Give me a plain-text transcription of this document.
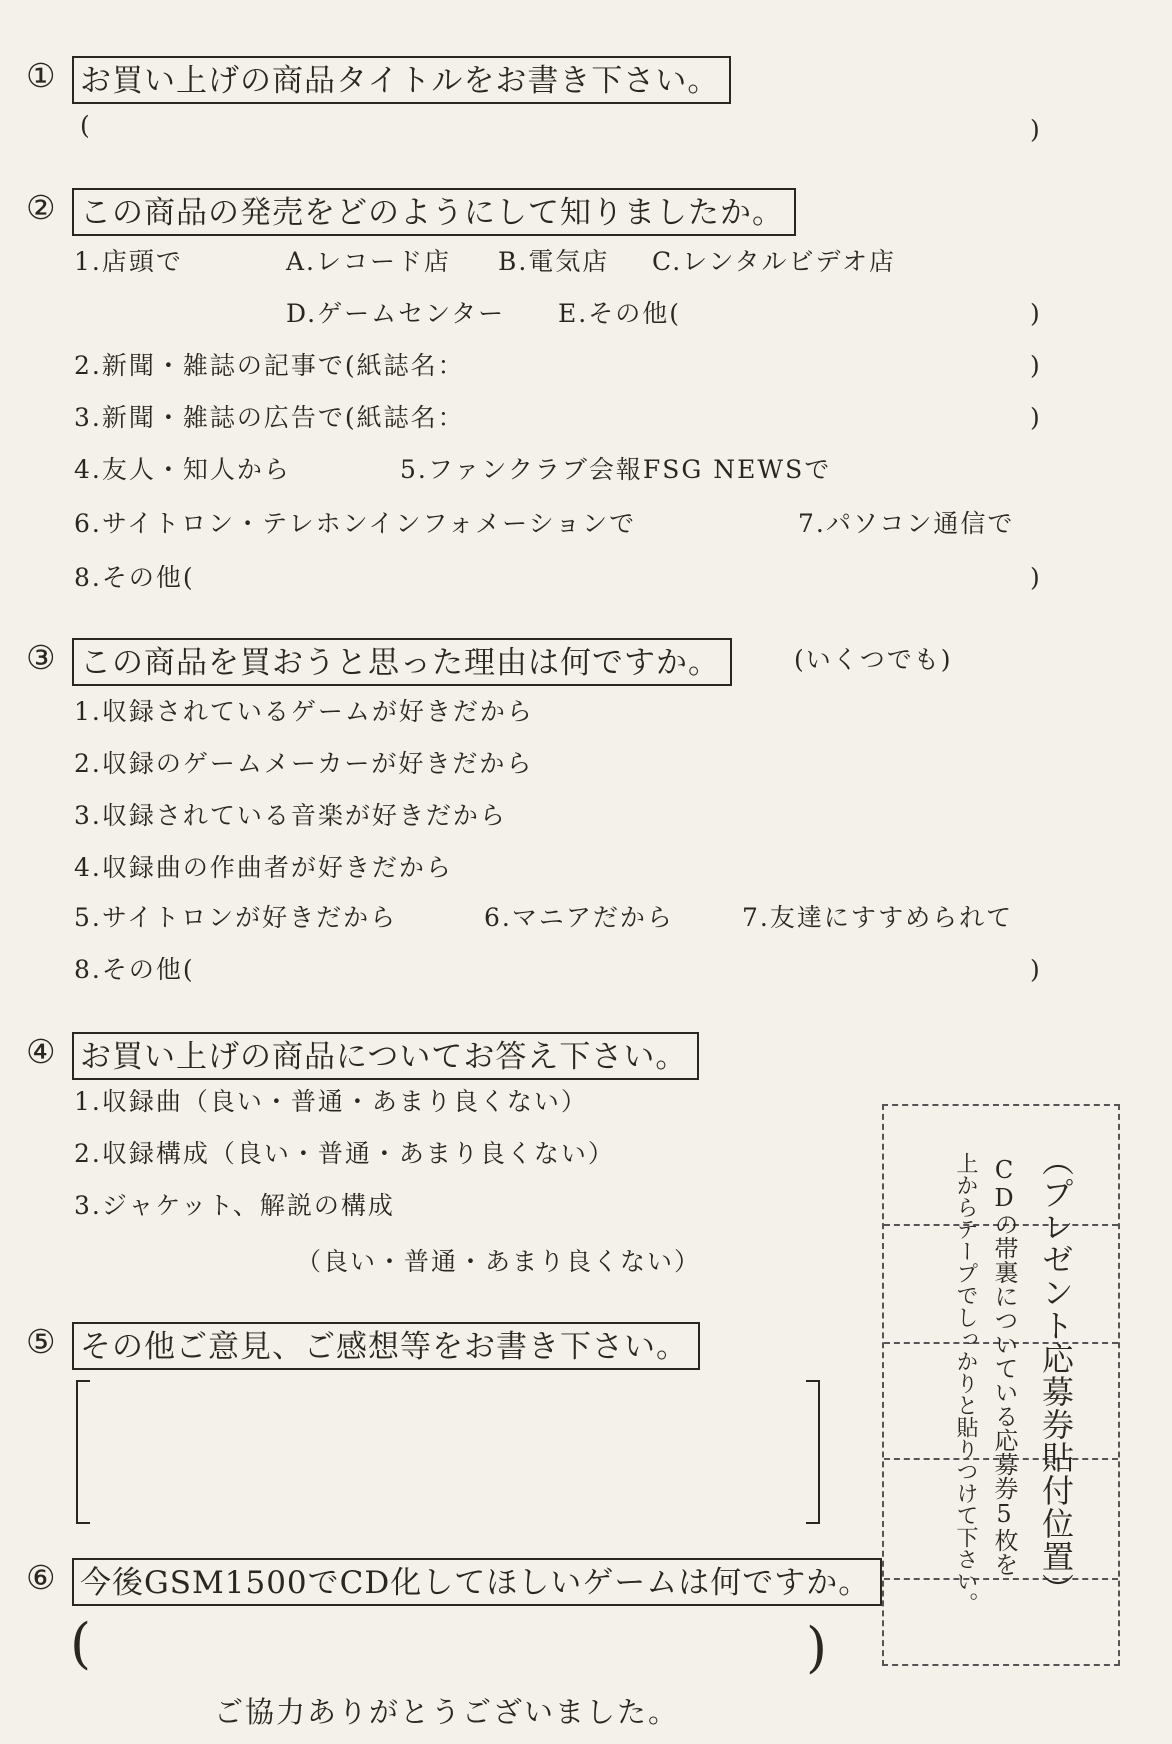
① お買い上げの商品タイトルをお書き下さい。
(	)
② この商品の発売をどのようにして知りましたか。
1.店頭で	A.レコード店 B.電気店 C.レンタルビデオ店
D.ゲームセンター E.その他(	)
2.新聞・雑誌の記事で(紙誌名：	)
3.新聞・雑誌の広告で(紙誌名：	)
4.友人・知人から	5.ファンクラブ会報FSG NEWSで
6.サイトロン・テレホンインフォメーションで	7.パソコン通信で
8.その他(	)
③ この商品を買おうと思った理由は何ですか。	(いくつでも)
1.収録されているゲームが好きだから
2.収録のゲームメーカーが好きだから
3.収録されている音楽が好きだから
4.収録曲の作曲者が好きだから
5.サイトロンが好きだから	6.マニアだから	7.友達にすすめられて
8.その他(	)
④ お買い上げの商品についてお答え下さい。
1.収録曲（良い・普通・あまり良くない）
2.収録構成（良い・普通・あまり良くない）
3.ジャケット、解説の構成
（良い・普通・あまり良くない）
⑤ その他ご意見、ご感想等をお書き下さい。
⑥ 今後GSM1500でCD化してほしいゲームは何ですか。
(	)
（プレゼント応募券貼付位置）
CDの帯裏についている応募券5枚を
上からテープでしっかりと貼りつけて下さい。
ご協力ありがとうございました。
